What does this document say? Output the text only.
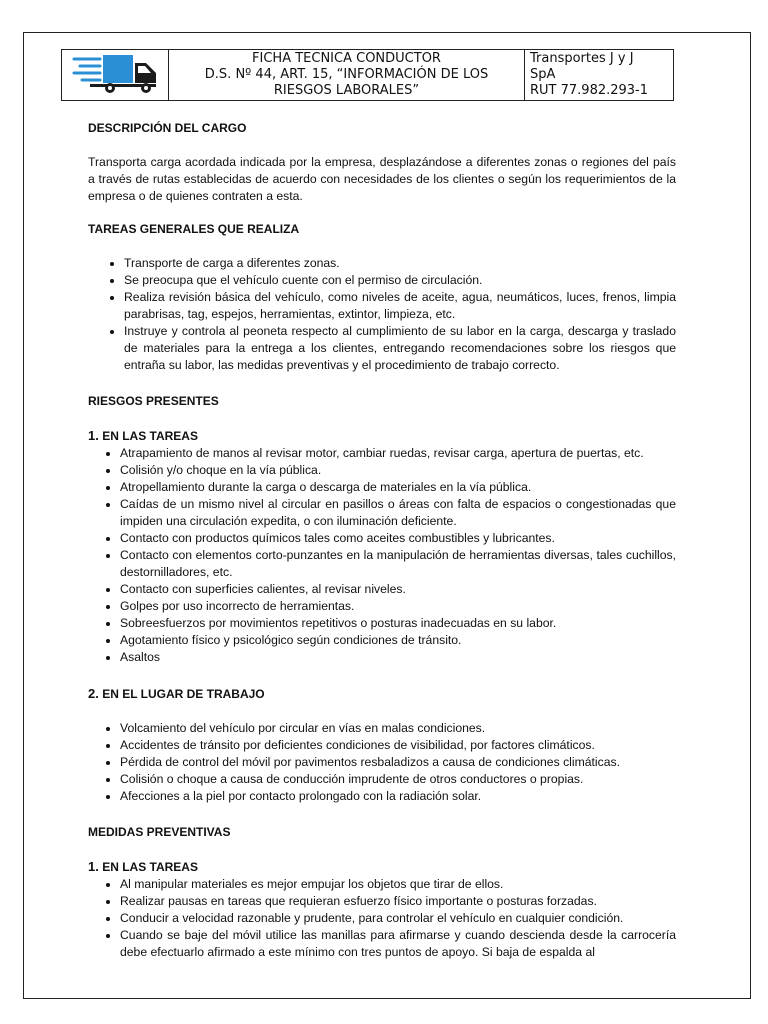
FICHA TECNICA CONDUCTOR
D.S. Nº 44, ART. 15, “INFORMACIÓN DE LOS
RIESGOS LABORALES”

Transportes J y J
SpA
RUT 77.982.293-1

DESCRIPCIÓN DEL CARGO

Transporta carga acordada indicada por la empresa, desplazándose a diferentes zonas o regiones del país a través de rutas establecidas de acuerdo con necesidades de los clientes o según los requerimientos de la empresa o de quienes contraten a esta.

TAREAS GENERALES QUE REALIZA

• Transporte de carga a diferentes zonas.
• Se preocupa que el vehículo cuente con el permiso de circulación.
• Realiza revisión básica del vehículo, como niveles de aceite, agua, neumáticos, luces, frenos, limpia parabrisas, tag, espejos, herramientas, extintor, limpieza, etc.
• Instruye y controla al peoneta respecto al cumplimiento de su labor en la carga, descarga y traslado de materiales para la entrega a los clientes, entregando recomendaciones sobre los riesgos que entraña su labor, las medidas preventivas y el procedimiento de trabajo correcto.

RIESGOS PRESENTES

1. EN LAS TAREAS

• Atrapamiento de manos al revisar motor, cambiar ruedas, revisar carga, apertura de puertas, etc.
• Colisión y/o choque en la vía pública.
• Atropellamiento durante la carga o descarga de materiales en la vía pública.
• Caídas de un mismo nivel al circular en pasillos o áreas con falta de espacios o congestionadas que impiden una circulación expedita, o con iluminación deficiente.
• Contacto con productos químicos tales como aceites combustibles y lubricantes.
• Contacto con elementos corto-punzantes en la manipulación de herramientas diversas, tales cuchillos, destornilladores, etc.
• Contacto con superficies calientes, al revisar niveles.
• Golpes por uso incorrecto de herramientas.
• Sobreesfuerzos por movimientos repetitivos o posturas inadecuadas en su labor.
• Agotamiento físico y psicológico según condiciones de tránsito.
• Asaltos

2. EN EL LUGAR DE TRABAJO

• Volcamiento del vehículo por circular en vías en malas condiciones.
• Accidentes de tránsito por deficientes condiciones de visibilidad, por factores climáticos.
• Pérdida de control del móvil por pavimentos resbaladizos a causa de condiciones climáticas.
• Colisión o choque a causa de conducción imprudente de otros conductores o propias.
• Afecciones a la piel por contacto prolongado con la radiación solar.

MEDIDAS PREVENTIVAS

1. EN LAS TAREAS

• Al manipular materiales es mejor empujar los objetos que tirar de ellos.
• Realizar pausas en tareas que requieran esfuerzo físico importante o posturas forzadas.
• Conducir a velocidad razonable y prudente, para controlar el vehículo en cualquier condición.
• Cuando se baje del móvil utilice las manillas para afirmarse y cuando descienda desde la carrocería debe efectuarlo afirmado a este mínimo con tres puntos de apoyo. Si baja de espalda al
